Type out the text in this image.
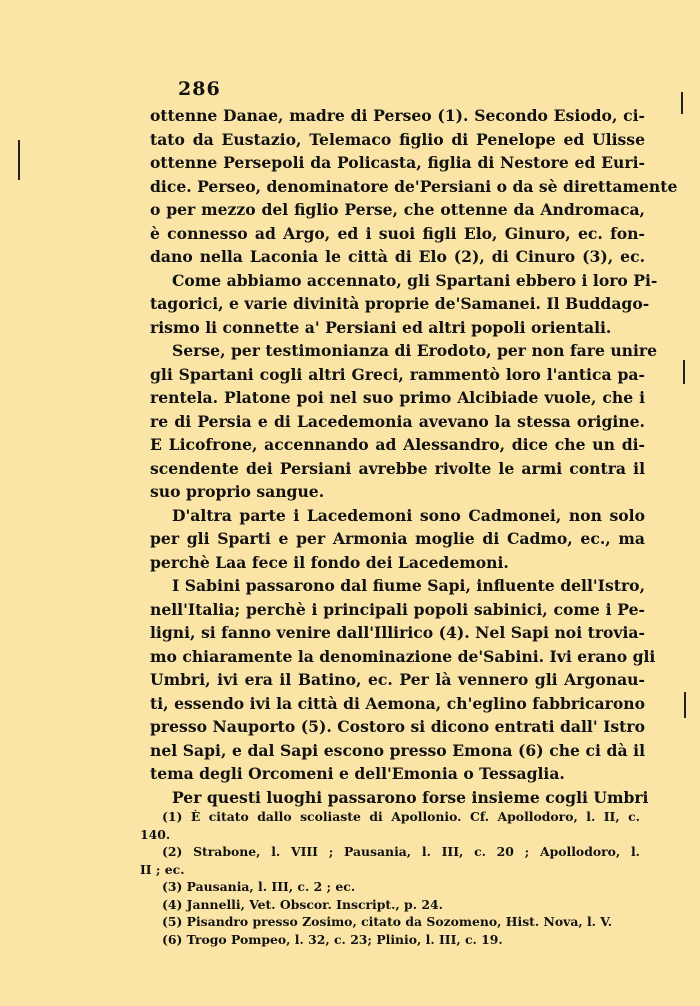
286
ottenne Danae, madre di Perseo (1). Secondo Esiodo, ci-
tato da Eustazio, Telemaco figlio di Penelope ed Ulisse
ottenne Persepoli da Policasta, figlia di Nestore ed Euri-
dice. Perseo, denominatore de'Persiani o da sè direttamente
o per mezzo del figlio Perse, che ottenne da Andromaca,
è connesso ad Argo, ed i suoi figli Elo, Ginuro, ec. fon-
dano nella Laconia le città di Elo (2), di Cinuro (3), ec.
Come abbiamo accennato, gli Spartani ebbero i loro Pi-
tagorici, e varie divinità proprie de'Samanei. Il Buddago-
rismo li connette a' Persiani ed altri popoli orientali.
Serse, per testimonianza di Erodoto, per non fare unire
gli Spartani cogli altri Greci, rammentò loro l'antica pa-
rentela. Platone poi nel suo primo Alcibiade vuole, che i
re di Persia e di Lacedemonia avevano la stessa origine.
E Licofrone, accennando ad Alessandro, dice che un di-
scendente dei Persiani avrebbe rivolte le armi contra il
suo proprio sangue.
D'altra parte i Lacedemoni sono Cadmonei, non solo
per gli Sparti e per Armonia moglie di Cadmo, ec., ma
perchè Laa fece il fondo dei Lacedemoni.
I Sabini passarono dal fiume Sapi, influente dell'Istro,
nell'Italia; perchè i principali popoli sabinici, come i Pe-
ligni, si fanno venire dall'Illirico (4). Nel Sapi noi trovia-
mo chiaramente la denominazione de'Sabini. Ivi erano gli
Umbri, ivi era il Batino, ec. Per là vennero gli Argonau-
ti, essendo ivi la città di Aemona, ch'eglino fabbricarono
presso Nauporto (5). Costoro si dicono entrati dall' Istro
nel Sapi, e dal Sapi escono presso Emona (6) che ci dà il
tema degli Orcomeni e dell'Emonia o Tessaglia.
Per questi luoghi passarono forse insieme cogli Umbri
(1) È citato dallo scoliaste di Apollonio. Cf. Apollodoro, l. II, c.
140.
(2) Strabone, l. VIII ; Pausania, l. III, c. 20 ; Apollodoro, l.
II ; ec.
(3) Pausania, l. III, c. 2 ; ec.
(4) Jannelli, Vet. Obscor. Inscript., p. 24.
(5) Pisandro presso Zosimo, citato da Sozomeno, Hist. Nova, l. V.
(6) Trogo Pompeo, l. 32, c. 23; Plinio, l. III, c. 19.
